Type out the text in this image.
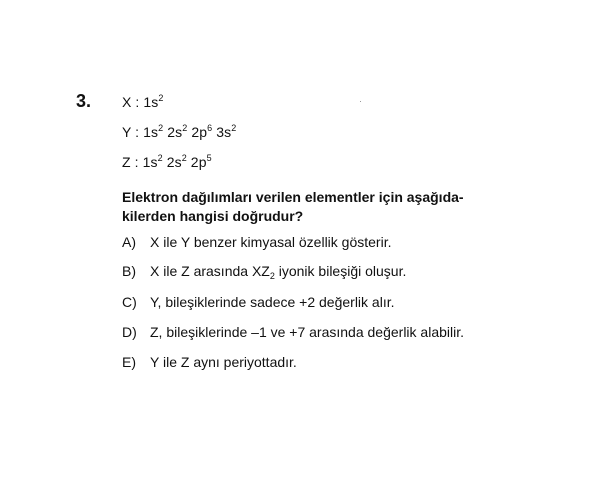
3. X : $1s^2$
Y : $1s^2$ $2s^2$ $2p^6$ $3s^2$
Z : $1s^2$ $2s^2$ $2p^5$
Elektron dağılımları verilen elementler için aşağıda-
kilerden hangisi doğrudur?
A) X ile Y benzer kimyasal özellik gösterir.
B) X ile Z arasında $XZ_2$ iyonik bileşiği oluşur.
C) Y, bileşiklerinde sadece +2 değerlik alır.
D) Z, bileşiklerinde –1 ve +7 arasında değerlik alabilir.
E) Y ile Z aynı periyottadır.
